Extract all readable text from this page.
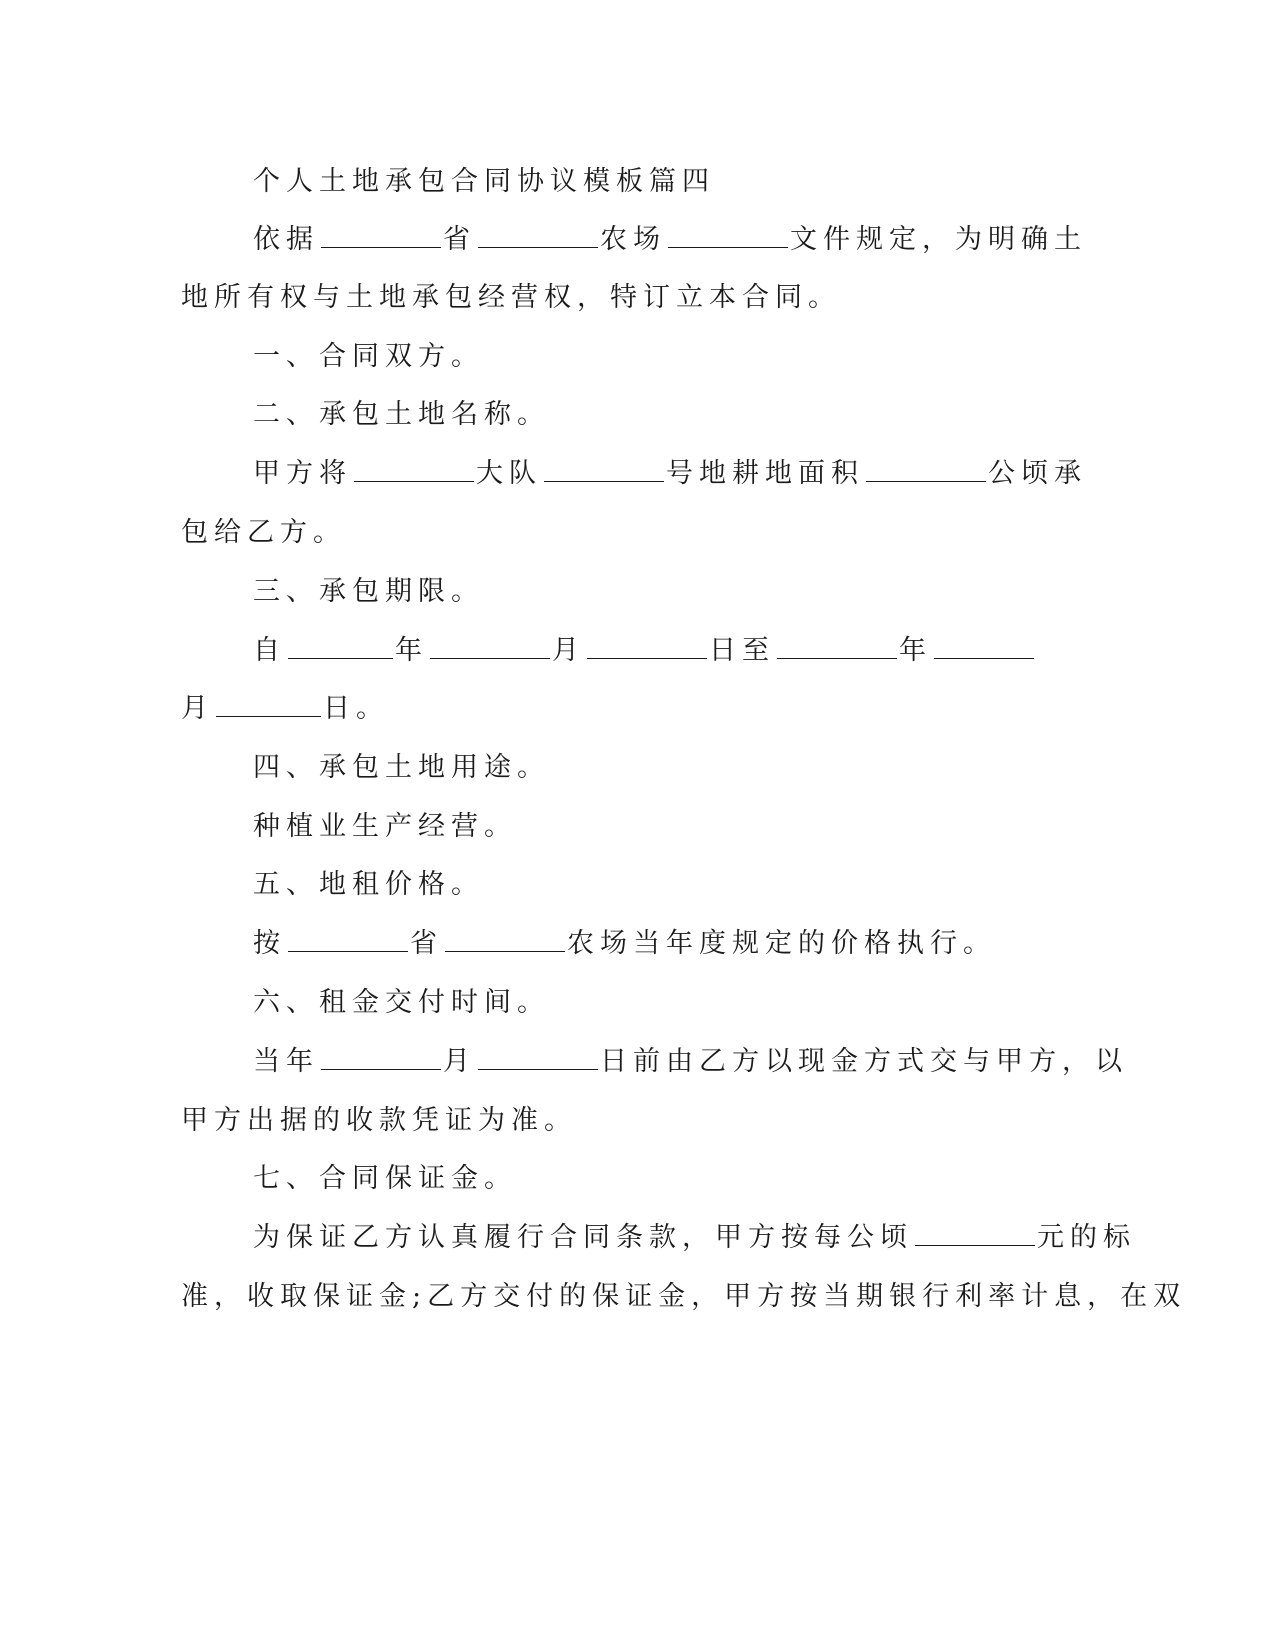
个人土地承包合同协议模板篇四
依据	省	农场	文件规定，为明确土
地所有权与土地承包经营权，特订立本合同。
一、合同双方。
二、承包土地名称。
甲方将	大队	号地耕地面积	公顷承
包给乙方。
三、承包期限。
自	年	月	日至	年
月	日。
四、承包土地用途。
种植业生产经营。
五、地租价格。
按	省	农场当年度规定的价格执行。
六、租金交付时间。
当年	月	日前由乙方以现金方式交与甲方，以
甲方出据的收款凭证为准。
七、合同保证金。
为保证乙方认真履行合同条款，甲方按每公顷	元的标
准，收取保证金;乙方交付的保证金，甲方按当期银行利率计息，在双
